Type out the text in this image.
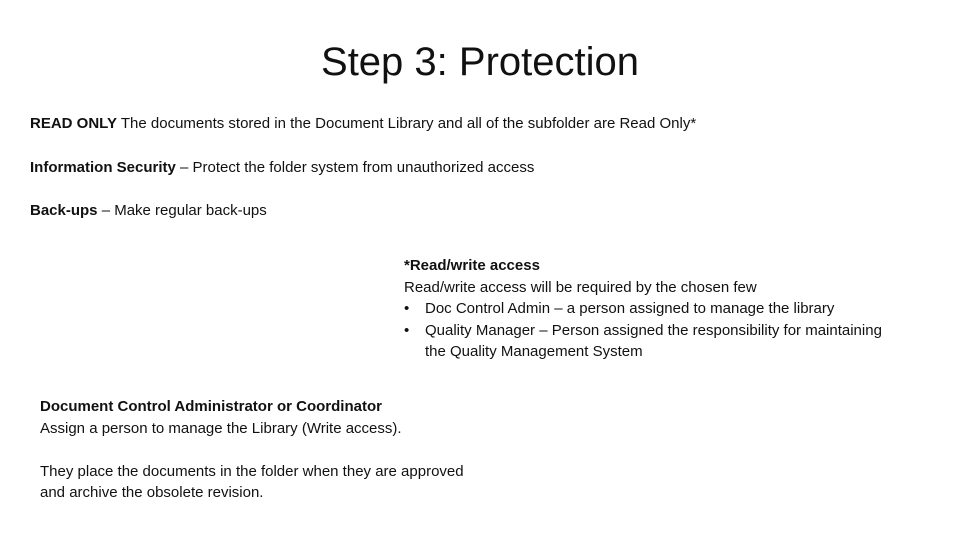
Step 3: Protection
READ ONLY The documents stored in the Document Library and all of the subfolder are Read Only*
Information Security – Protect the folder system from unauthorized access
Back-ups – Make regular back-ups
*Read/write access
Read/write access will be required by the chosen few
• Doc Control Admin – a person assigned to manage the library
• Quality Manager – Person assigned the responsibility for maintaining the Quality Management System
Document Control Administrator or Coordinator
Assign a person to manage the Library (Write access).
They place the documents in the folder when they are approved
and archive the obsolete revision.
